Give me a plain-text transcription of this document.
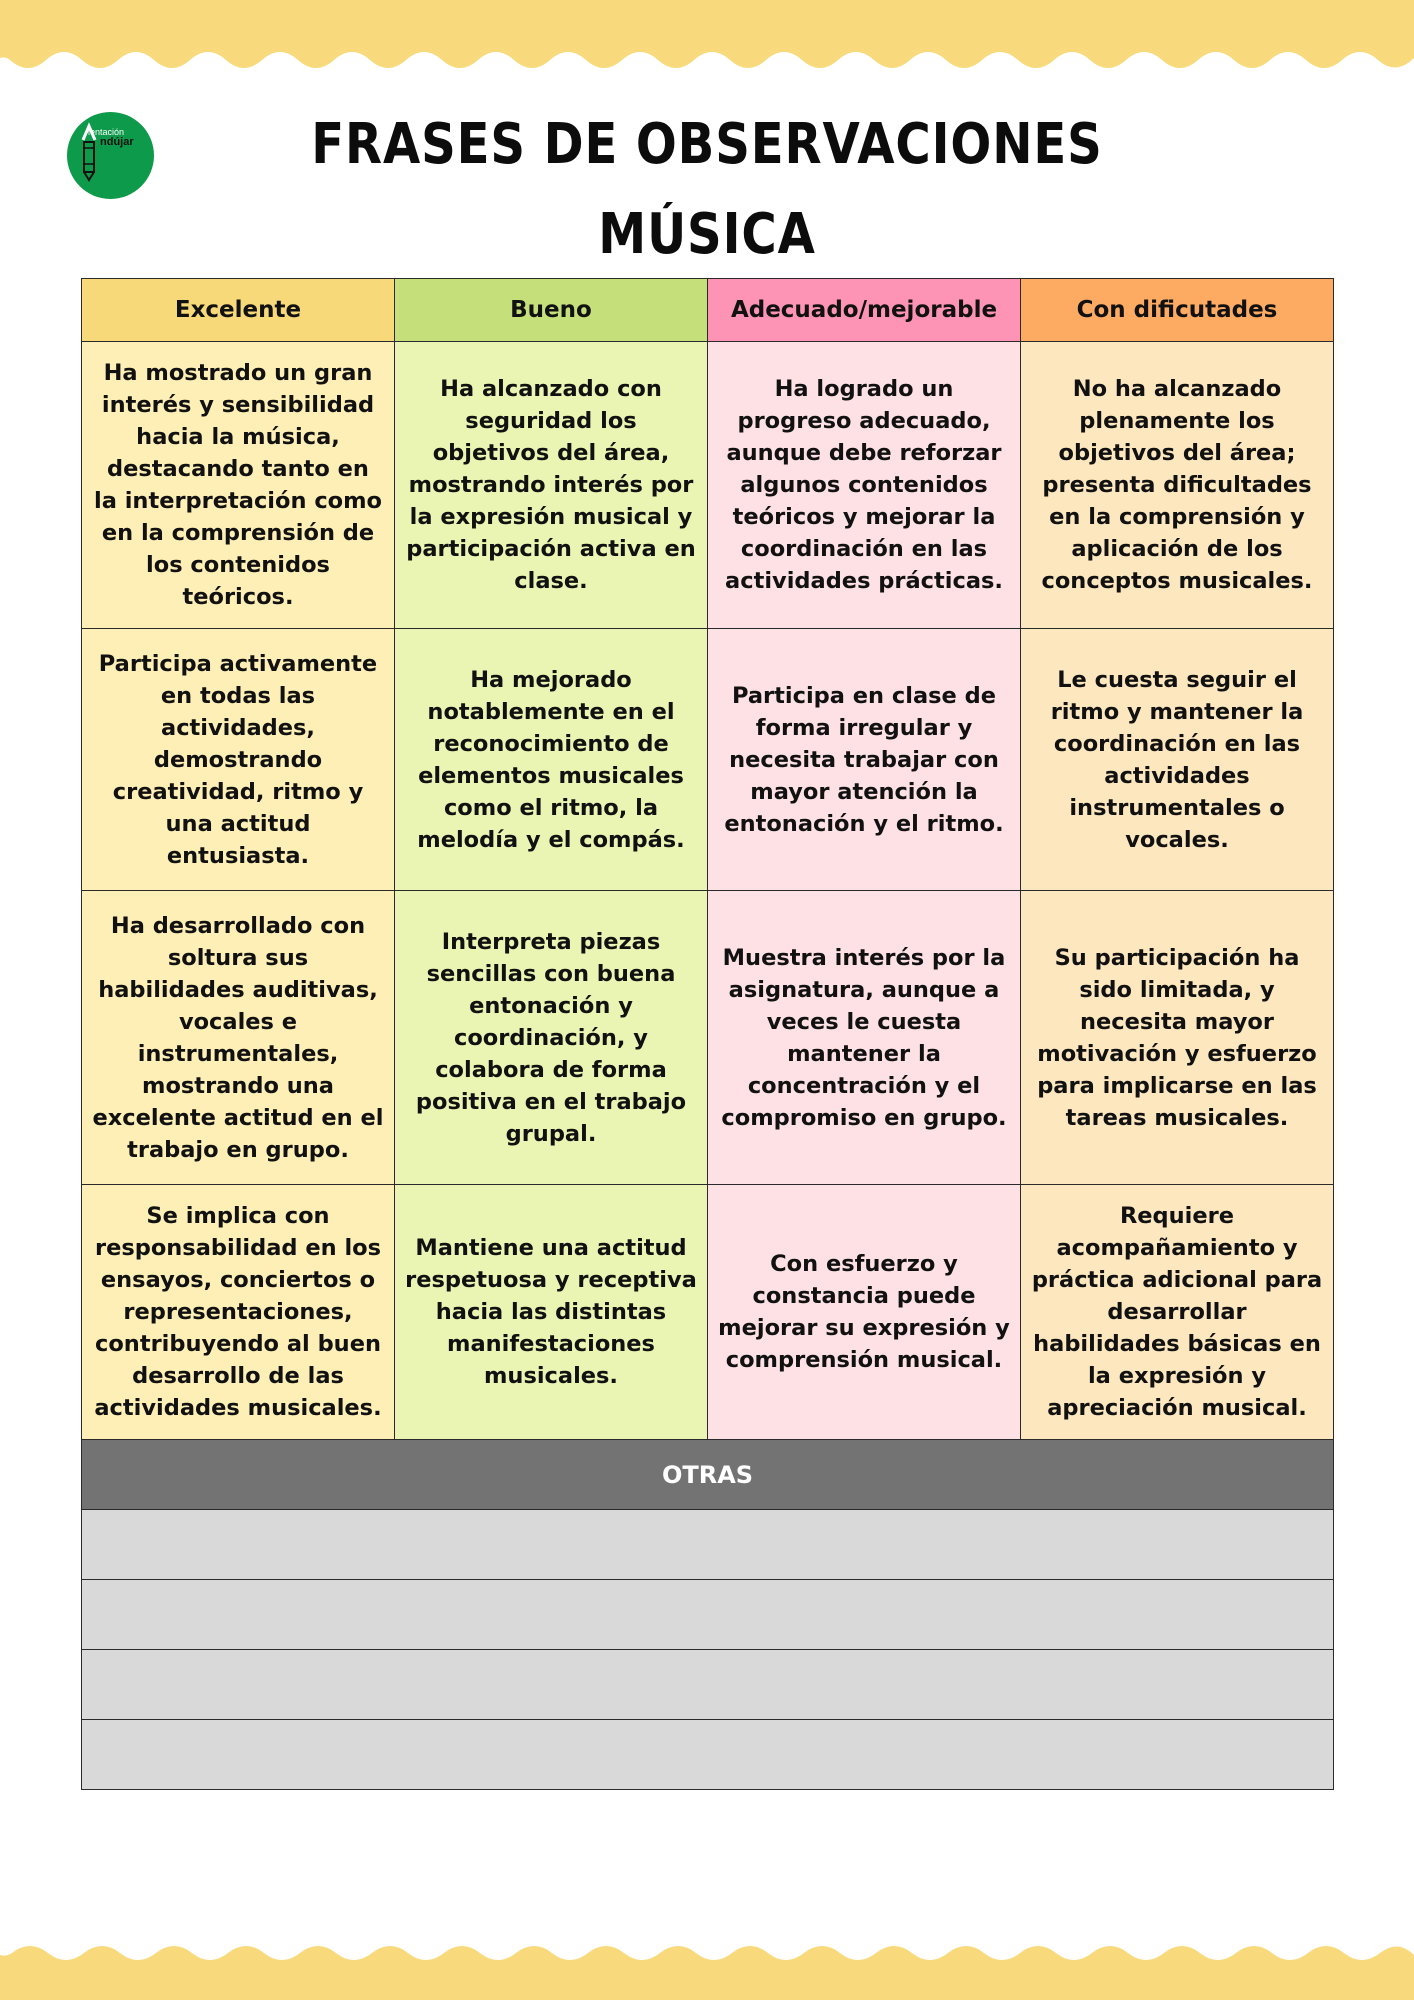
rientación
ndújar	FRASES DE OBSERVACIONES
MÚSICA
Excelente	Bueno	Adecuado/mejorable	Con dificutades
Ha mostrado un gran interés y sensibilidad hacia la música, destacando tanto en la interpretación como en la comprensión de los contenidos teóricos.	Ha alcanzado con seguridad los objetivos del área, mostrando interés por la expresión musical y participación activa en clase.	Ha logrado un progreso adecuado, aunque debe reforzar algunos contenidos teóricos y mejorar la coordinación en las actividades prácticas.	No ha alcanzado plenamente los objetivos del área; presenta dificultades en la comprensión y aplicación de los conceptos musicales.
Participa activamente en todas las actividades, demostrando creatividad, ritmo y una actitud entusiasta.	Ha mejorado notablemente en el reconocimiento de elementos musicales como el ritmo, la melodía y el compás.	Participa en clase de forma irregular y necesita trabajar con mayor atención la entonación y el ritmo.	Le cuesta seguir el ritmo y mantener la coordinación en las actividades instrumentales o vocales.
Ha desarrollado con soltura sus habilidades auditivas, vocales e instrumentales, mostrando una excelente actitud en el trabajo en grupo.	Interpreta piezas sencillas con buena entonación y coordinación, y colabora de forma positiva en el trabajo grupal.	Muestra interés por la asignatura, aunque a veces le cuesta mantener la concentración y el compromiso en grupo.	Su participación ha sido limitada, y necesita mayor motivación y esfuerzo para implicarse en las tareas musicales.
Se implica con responsabilidad en los ensayos, conciertos o representaciones, contribuyendo al buen desarrollo de las actividades musicales.	Mantiene una actitud respetuosa y receptiva hacia las distintas manifestaciones musicales.	Con esfuerzo y constancia puede mejorar su expresión y comprensión musical.	Requiere acompañamiento y práctica adicional para desarrollar habilidades básicas en la expresión y apreciación musical.
OTRAS			
